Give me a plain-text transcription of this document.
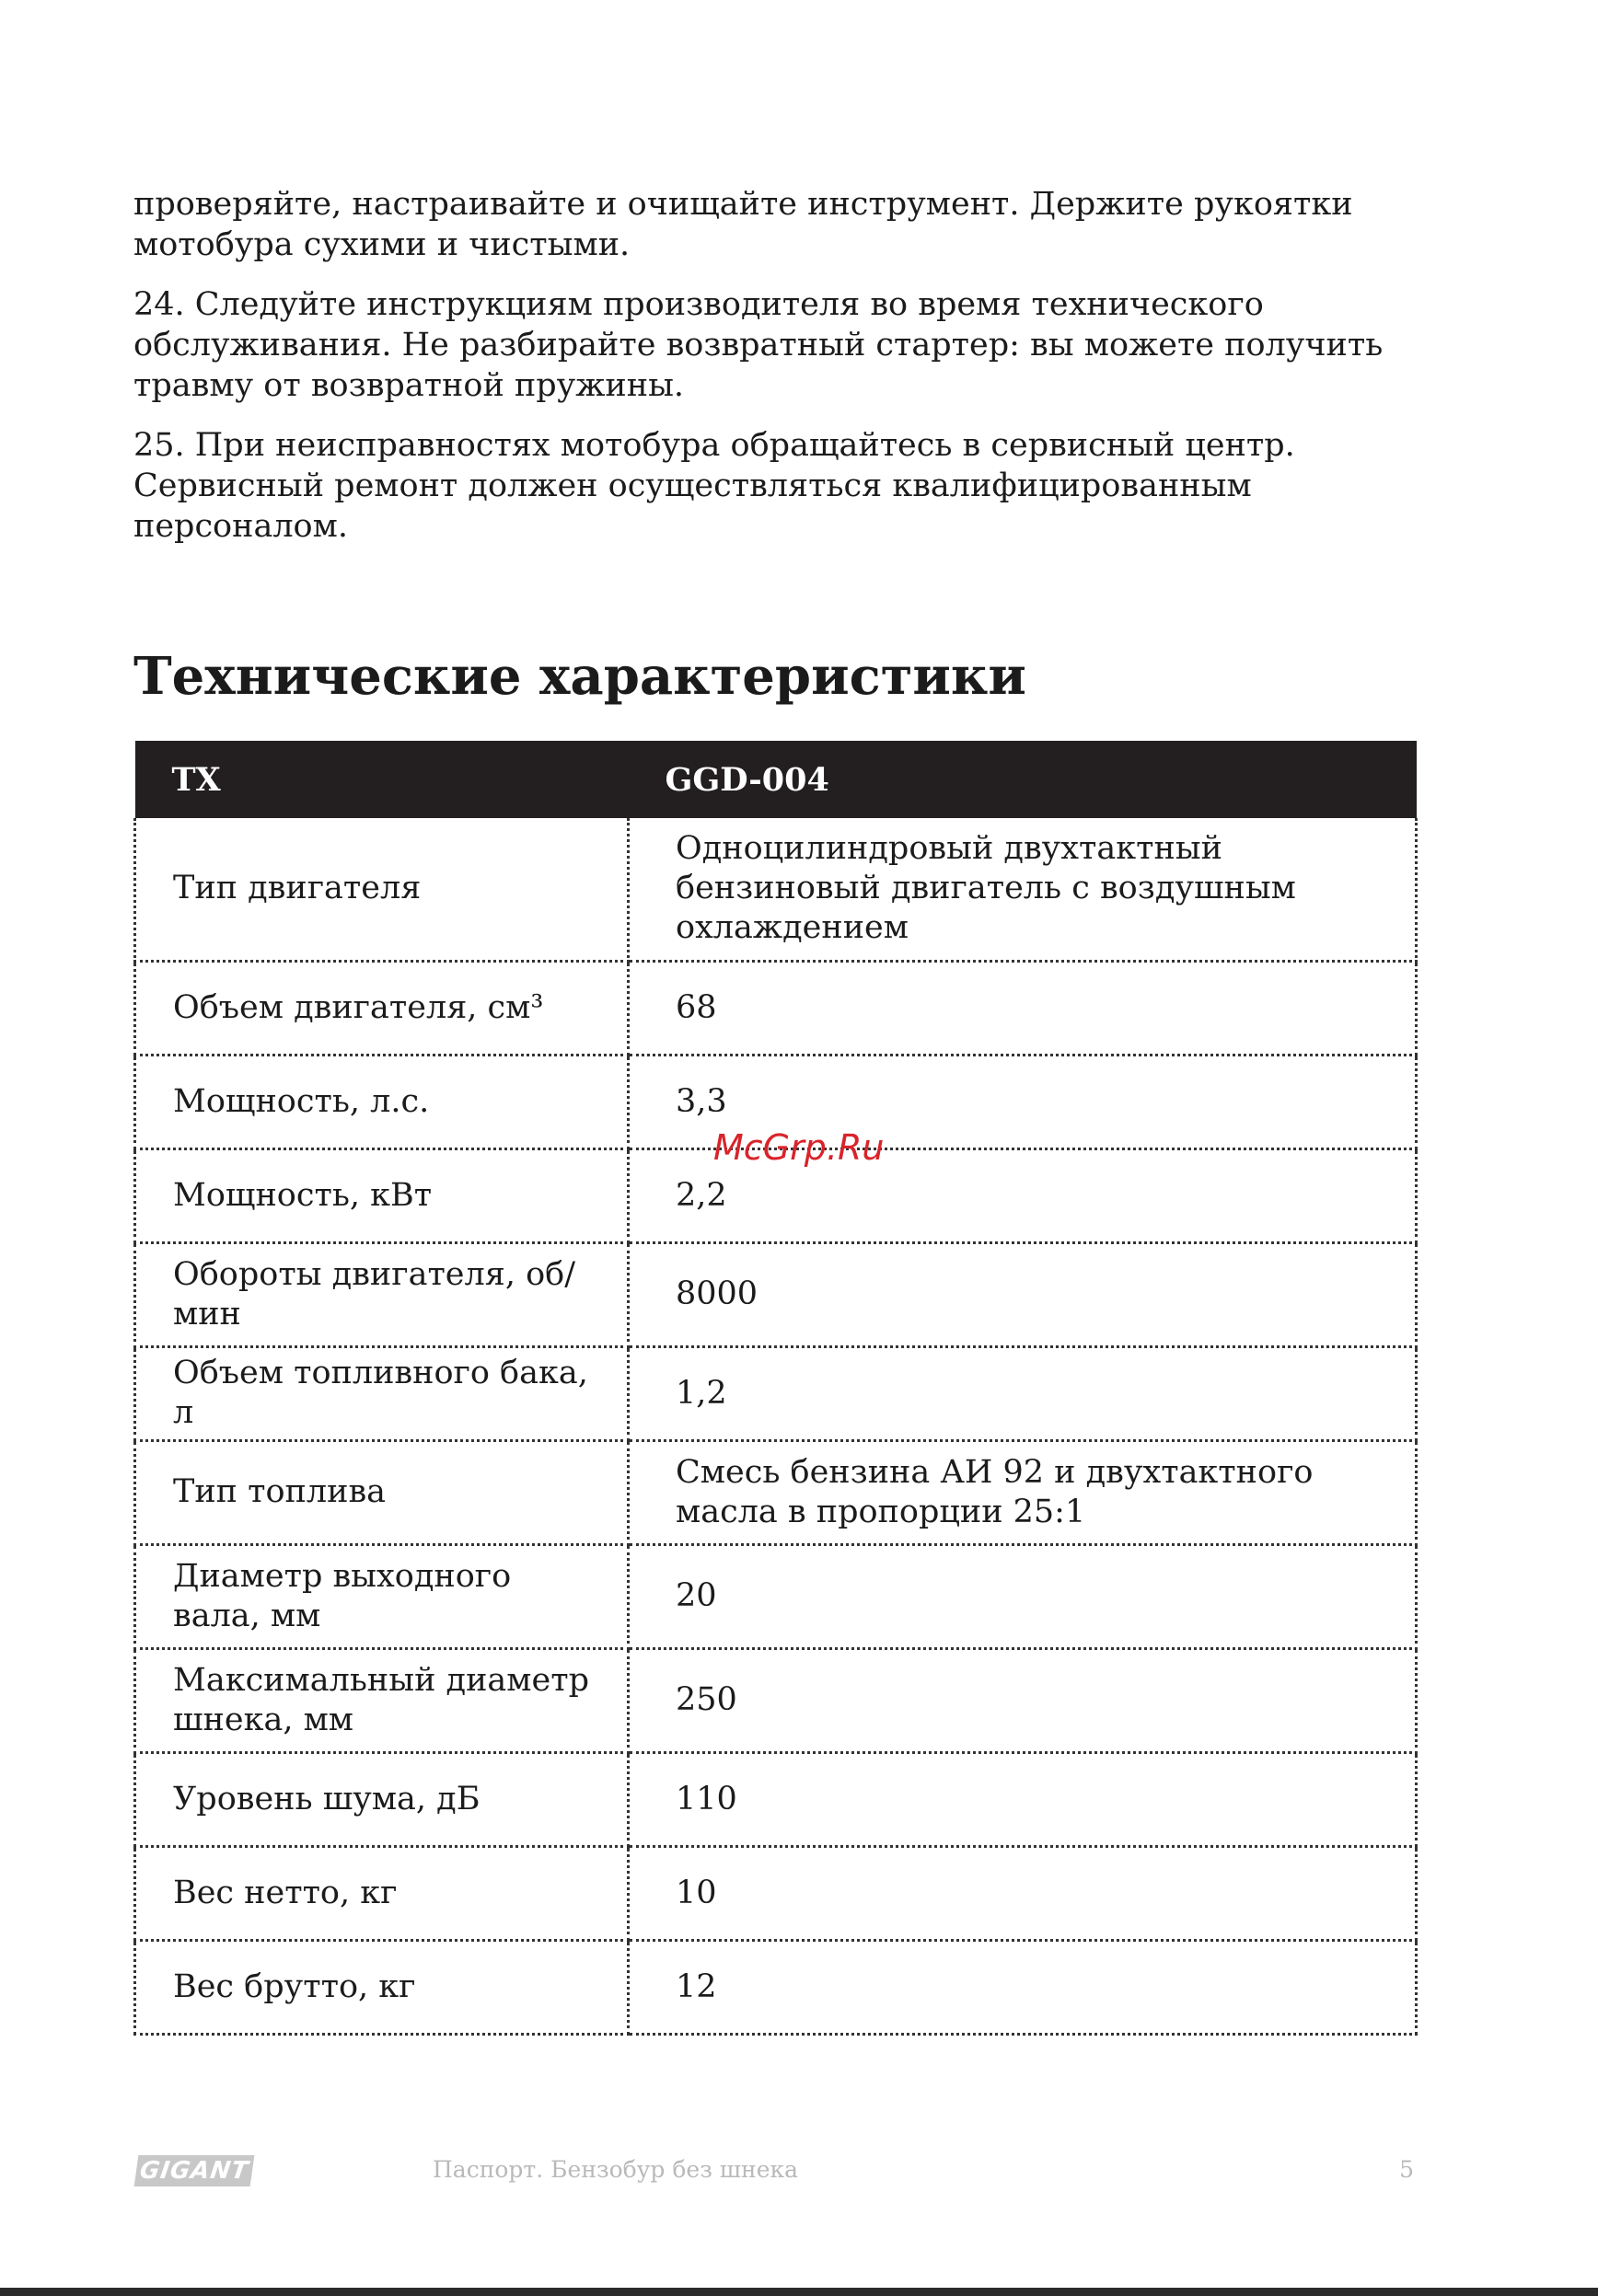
проверяйте, настраивайте и очищайте инструмент. Держите рукоятки мотобура сухими и чистыми.

24. Следуйте инструкциям производителя во время технического обслуживания. Не разбирайте возвратный стартер: вы можете получить травму от возвратной пружины.

25. При неисправностях мотобура обращайтесь в сервисный центр. Сервисный ремонт должен осуществляться квалифицированным персоналом.

Технические характеристики
ТХ	GGD-004
Тип двигателя	Одноцилиндровый двухтактный бензиновый двигатель с воздушным охлаждением
Объем двигателя, см³	68
Мощность, л.с.	3,3
Мощность, кВт	2,2
Обороты двигателя, об/мин	8000
Объем топливного бака, л	1,2
Тип топлива	Смесь бензина АИ 92 и двухтактного масла в пропорции 25:1
Диаметр выходного вала, мм	20
Максимальный диаметр шнека, мм	250
Уровень шума, дБ	110
Вес нетто, кг	10
Вес брутто, кг	12
McGrp.Ru
GIGANT	Паспорт. Бензобур без шнека	5
